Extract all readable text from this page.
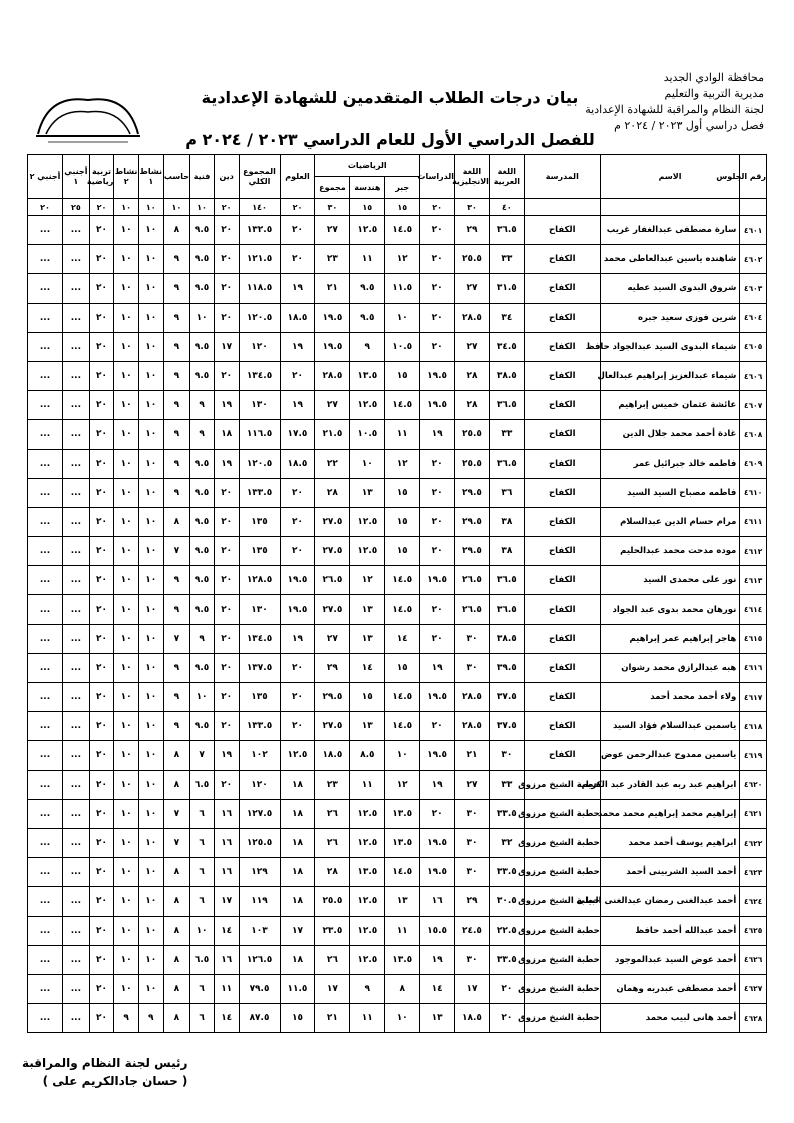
محافظة الوادي الجديد
مديرية التربية والتعليم
لجنة النظام والمراقبة للشهادة الإعدادية
فصل دراسي أول ٢٠٢٣ / ٢٠٢٤ م
بيان درجات الطلاب المتقدمين للشهادة الإعدادية
للفصل الدراسي الأول للعام الدراسي ٢٠٢٣ / ٢٠٢٤ م
رقم الجلوس	الاسم	المدرسة	اللغة العربية	اللغة الانجليزية	الدراسات	الرياضيات			العلوم	المجموع الكلي	دين	فنية	حاسب	نشاط ١	نشاط ٢	تربية رياضية	أجنبي ١	أجنبي ٢
						جبر	هندسة	مجموع										
			٤٠	٣٠	٢٠	١٥	١٥	٣٠	٢٠	١٤٠	٢٠	١٠	١٠	١٠	١٠	٢٠	٢٥	٢٠
٤٦٠١	سارة مصطفى عبدالغفار غريب	الكفاح	٣٦.٥	٢٩	٢٠	١٤.٥	١٢.٥	٢٧	٢٠	١٣٢.٥	٢٠	٩.٥	٨	١٠	١٠	٢٠	...	...
٤٦٠٢	شاهنده ياسين عبدالعاطى محمد	الكفاح	٣٣	٢٥.٥	٢٠	١٢	١١	٢٣	٢٠	١٢١.٥	٢٠	٩.٥	٩	١٠	١٠	٢٠	...	...
٤٦٠٣	شروق البدوى السيد عطيه	الكفاح	٣١.٥	٢٧	٢٠	١١.٥	٩.٥	٢١	١٩	١١٨.٥	٢٠	٩.٥	٩	١٠	١٠	٢٠	...	...
٤٦٠٤	شرين فوزى سعيد جبره	الكفاح	٣٤	٢٨.٥	٢٠	١٠	٩.٥	١٩.٥	١٨.٥	١٢٠.٥	٢٠	١٠	٩	١٠	١٠	٢٠	...	...
٤٦٠٥	شيماء البدوى السيد عبدالجواد حافظ	الكفاح	٣٤.٥	٢٧	٢٠	١٠.٥	٩	١٩.٥	١٩	١٢٠	١٧	٩.٥	٩	١٠	١٠	٢٠	...	...
٤٦٠٦	شيماء عبدالعزيز إبراهيم عبدالعال	الكفاح	٣٨.٥	٢٨	١٩.٥	١٥	١٣.٥	٢٨.٥	٢٠	١٣٤.٥	٢٠	٩.٥	٩	١٠	١٠	٢٠	...	...
٤٦٠٧	عائشة عثمان خميس إبراهيم	الكفاح	٣٦.٥	٢٨	١٩.٥	١٤.٥	١٢.٥	٢٧	١٩	١٣٠	١٩	٩	٩	١٠	١٠	٢٠	...	...
٤٦٠٨	غادة أحمد محمد جلال الدين	الكفاح	٣٣	٢٥.٥	١٩	١١	١٠.٥	٢١.٥	١٧.٥	١١٦.٥	١٨	٩	٩	١٠	١٠	٢٠	...	...
٤٦٠٩	فاطمه خالد جبرائيل عمر	الكفاح	٣٦.٥	٢٥.٥	٢٠	١٢	١٠	٢٢	١٨.٥	١٢٠.٥	١٩	٩.٥	٩	١٠	١٠	٢٠	...	...
٤٦١٠	فاطمه مصباح السيد السيد	الكفاح	٣٦	٢٩.٥	٢٠	١٥	١٣	٢٨	٢٠	١٣٣.٥	٢٠	٩.٥	٩	١٠	١٠	٢٠	...	...
٤٦١١	مرام حسام الدين عبدالسلام	الكفاح	٣٨	٢٩.٥	٢٠	١٥	١٢.٥	٢٧.٥	٢٠	١٣٥	٢٠	٩.٥	٨	١٠	١٠	٢٠	...	...
٤٦١٢	موده مدحت محمد عبدالحليم	الكفاح	٣٨	٢٩.٥	٢٠	١٥	١٢.٥	٢٧.٥	٢٠	١٣٥	٢٠	٩.٥	٧	١٠	١٠	٢٠	...	...
٤٦١٣	نور على محمدى السيد	الكفاح	٣٦.٥	٢٦.٥	١٩.٥	١٤.٥	١٢	٢٦.٥	١٩.٥	١٢٨.٥	٢٠	٩.٥	٩	١٠	١٠	٢٠	...	...
٤٦١٤	نورهان محمد بدوى عبد الجواد	الكفاح	٣٦.٥	٢٦.٥	٢٠	١٤.٥	١٣	٢٧.٥	١٩.٥	١٣٠	٢٠	٩.٥	٩	١٠	١٠	٢٠	...	...
٤٦١٥	هاجر إبراهيم عمر إبراهيم	الكفاح	٣٨.٥	٣٠	٢٠	١٤	١٣	٢٧	١٩	١٣٤.٥	٢٠	٩	٧	١٠	١٠	٢٠	...	...
٤٦١٦	هبه عبدالرازق محمد رشوان	الكفاح	٣٩.٥	٣٠	١٩	١٥	١٤	٢٩	٢٠	١٣٧.٥	٢٠	٩.٥	٩	١٠	١٠	٢٠	...	...
٤٦١٧	ولاء أحمد محمد أحمد	الكفاح	٣٧.٥	٢٨.٥	١٩.٥	١٤.٥	١٥	٢٩.٥	٢٠	١٣٥	٢٠	١٠	٩	١٠	١٠	٢٠	...	...
٤٦١٨	ياسمين عبدالسلام فؤاد السيد	الكفاح	٣٧.٥	٢٨.٥	٢٠	١٤.٥	١٣	٢٧.٥	٢٠	١٣٣.٥	٢٠	٩.٥	٩	١٠	١٠	٢٠	...	...
٤٦١٩	ياسمين ممدوح عبدالرحمن عوض	الكفاح	٣٠	٢١	١٩.٥	١٠	٨.٥	١٨.٥	١٢.٥	١٠٢	١٩	٧	٨	١٠	١٠	٢٠	...	...
٤٦٢٠	ابراهيم عبد ربه عبد القادر عبد الكريم	حطبة الشيخ مرزوق	٣٣	٢٧	١٩	١٢	١١	٢٣	١٨	١٢٠	٢٠	٦.٥	٨	١٠	١٠	٢٠	...	...
٤٦٢١	إبراهيم محمد إبراهيم محمد محمد	حطبة الشيخ مرزوق	٣٣.٥	٣٠	٢٠	١٣.٥	١٢.٥	٢٦	١٨	١٢٧.٥	١٦	٦	٧	١٠	١٠	٢٠	...	...
٤٦٢٢	ابراهيم يوسف أحمد محمد	حطبة الشيخ مرزوق	٣٢	٣٠	١٩.٥	١٣.٥	١٢.٥	٢٦	١٨	١٢٥.٥	١٦	٦	٧	١٠	١٠	٢٠	...	...
٤٦٢٣	أحمد السيد الشربينى أحمد	حطبة الشيخ مرزوق	٣٣.٥	٣٠	١٩.٥	١٤.٥	١٣.٥	٢٨	١٨	١٢٩	١٦	٦	٨	١٠	١٠	٢٠	...	...
٤٦٢٤	أحمد عبدالغنى رمضان عبدالغنى البيلى	حطبة الشيخ مرزوق	٣٠.٥	٢٩	١٦	١٣	١٢.٥	٢٥.٥	١٨	١١٩	١٧	٦	٨	١٠	١٠	٢٠	...	...
٤٦٢٥	أحمد عبدالله أحمد حافظ	حطبة الشيخ مرزوق	٢٢.٥	٢٤.٥	١٥.٥	١١	١٢.٥	٢٣.٥	١٧	١٠٣	١٤	١٠	٨	١٠	١٠	٢٠	...	...
٤٦٢٦	أحمد عوض السيد عبدالموجود	حطبة الشيخ مرزوق	٣٣.٥	٣٠	١٩	١٣.٥	١٢.٥	٢٦	١٨	١٢٦.٥	١٦	٦.٥	٨	١٠	١٠	٢٠	...	...
٤٦٢٧	أحمد مصطفى عبدربه وهمان	حطبة الشيخ مرزوق	٢٠	١٧	١٤	٨	٩	١٧	١١.٥	٧٩.٥	١١	٦	٨	١٠	١٠	٢٠	...	...
٤٦٢٨	أحمد هانى لبيب محمد	حطبة الشيخ مرزوق	٢٠	١٨.٥	١٣	١٠	١١	٢١	١٥	٨٧.٥	١٤	٦	٨	٩	٩	٢٠	...	...
رئيس لجنة النظام والمراقبة
( حسان جادالكريم على )
